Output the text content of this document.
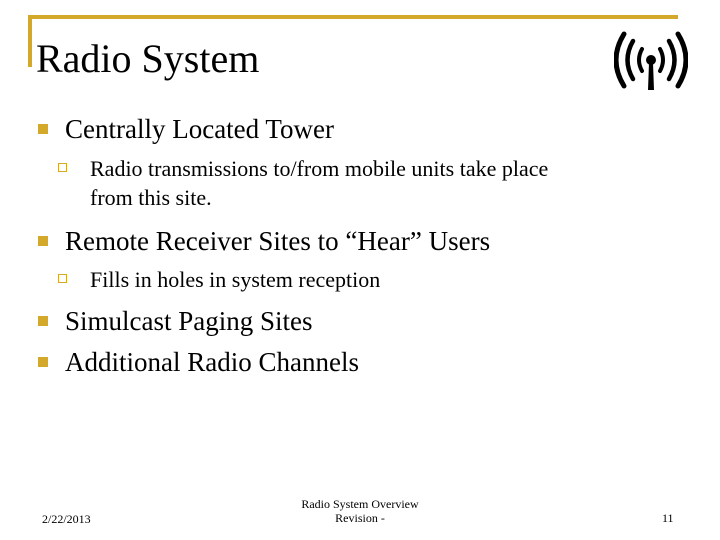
Radio System
Centrally Located Tower
Radio transmissions to/from mobile units take place
from this site.
Remote Receiver Sites to “Hear” Users
Fills in holes in system reception
Simulcast Paging Sites
Additional Radio Channels
2/22/2013
Radio System Overview
Revision -	11
